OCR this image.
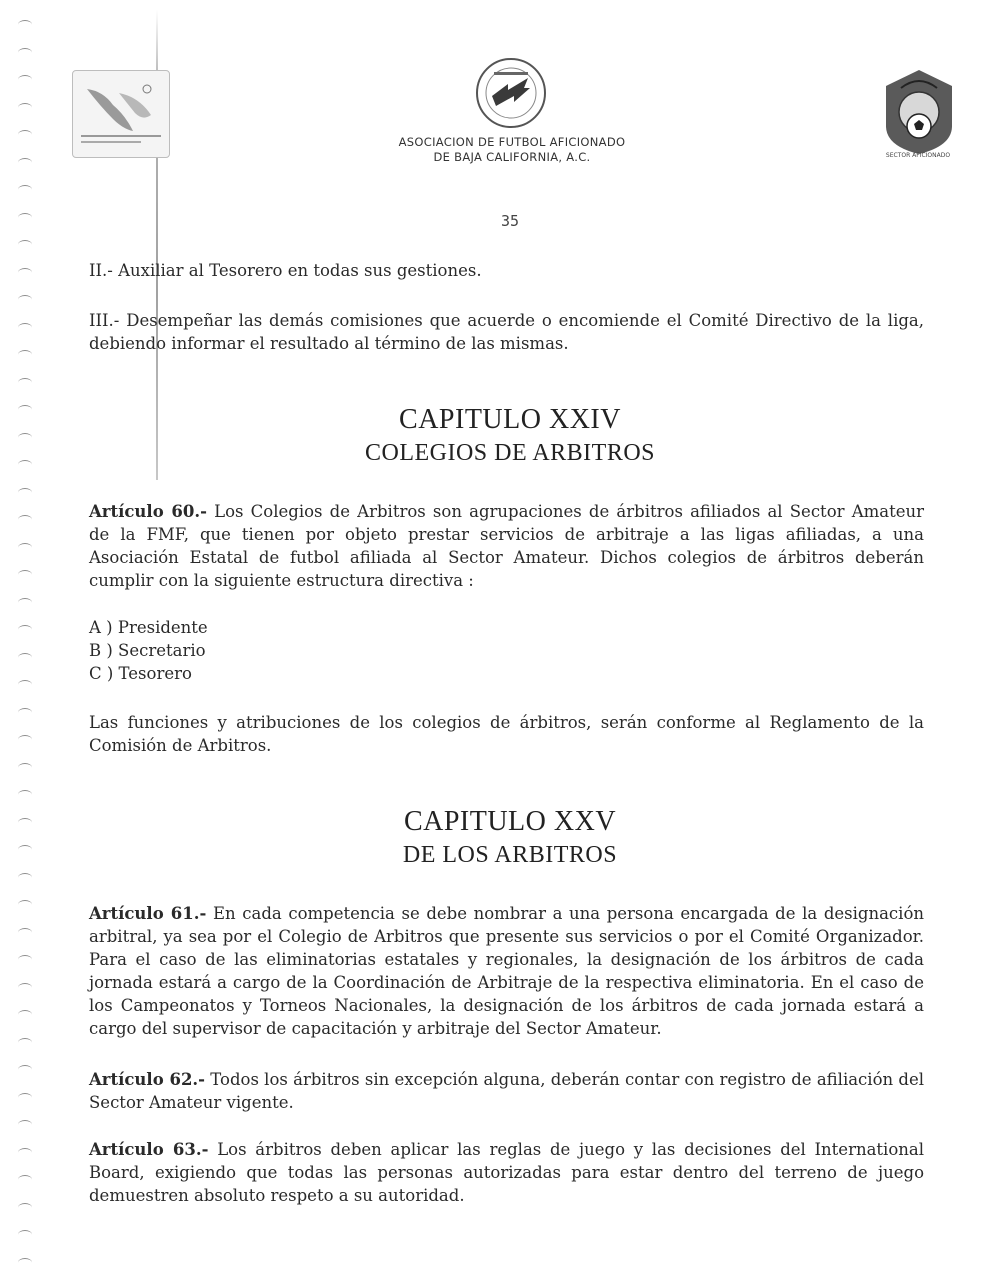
SECTOR AFICIONADO
ASOCIACION DE FUTBOL AFICIONADO
DE BAJA CALIFORNIA, A.C.
35

II.- Auxiliar al Tesorero en todas sus gestiones.

III.- Desempeñar las demás comisiones que acuerde o encomiende el Comité Directivo de la liga, debiendo informar el resultado al término de las mismas.

CAPITULO XXIV
COLEGIOS DE ARBITROS

Artículo 60.- Los Colegios de Arbitros son agrupaciones de árbitros afiliados al Sector Amateur de la FMF, que tienen por objeto prestar servicios de arbitraje a las ligas afiliadas, a una Asociación Estatal de futbol afiliada al Sector Amateur. Dichos colegios de árbitros deberán cumplir con la siguiente estructura directiva :

A ) Presidente
B ) Secretario
C ) Tesorero

Las funciones y atribuciones de los colegios de árbitros, serán conforme al Reglamento de la Comisión de Arbitros.

CAPITULO XXV
DE LOS ARBITROS

Artículo 61.- En cada competencia se debe nombrar a una persona encargada de la designación arbitral, ya sea por el Colegio de Arbitros que presente sus servicios o por el Comité Organizador. Para el caso de las eliminatorias estatales y regionales, la designación de los árbitros de cada jornada estará a cargo de la Coordinación de Arbitraje de la respectiva eliminatoria. En el caso de los Campeonatos y Torneos Nacionales, la designación de los árbitros de cada jornada estará a cargo del supervisor de capacitación y arbitraje del Sector Amateur.

Artículo 62.- Todos los árbitros sin excepción alguna, deberán contar con registro de afiliación del Sector Amateur vigente.

Artículo 63.- Los árbitros deben aplicar las reglas de juego y las decisiones del International Board, exigiendo que todas las personas autorizadas para estar dentro del terreno de juego demuestren absoluto respeto a su autoridad.
